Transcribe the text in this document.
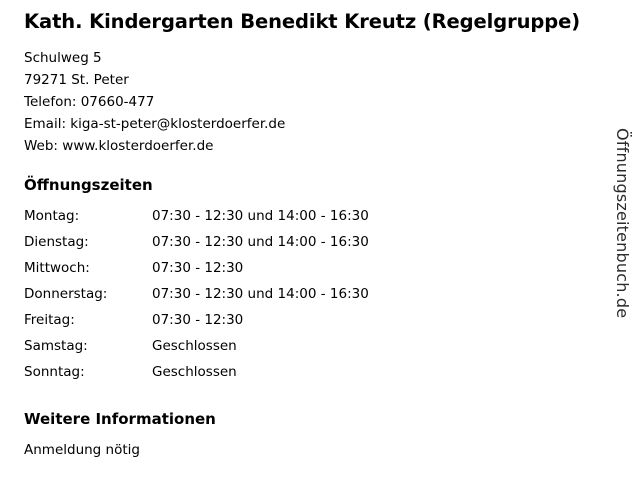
Kath. Kindergarten Benedikt Kreutz (Regelgruppe)
Schulweg 5
79271 St. Peter
Telefon: 07660-477
Email: kiga-st-peter@klosterdoerfer.de
Web: www.klosterdoerfer.de
Öffnungszeiten
Montag:	07:30 - 12:30 und 14:00 - 16:30
Dienstag:	07:30 - 12:30 und 14:00 - 16:30
Mittwoch:	07:30 - 12:30
Donnerstag:	07:30 - 12:30 und 14:00 - 16:30
Freitag:	07:30 - 12:30
Samstag:	Geschlossen
Sonntag:	Geschlossen
Weitere Informationen
Anmeldung nötig
Öffnungszeitenbuch.de
